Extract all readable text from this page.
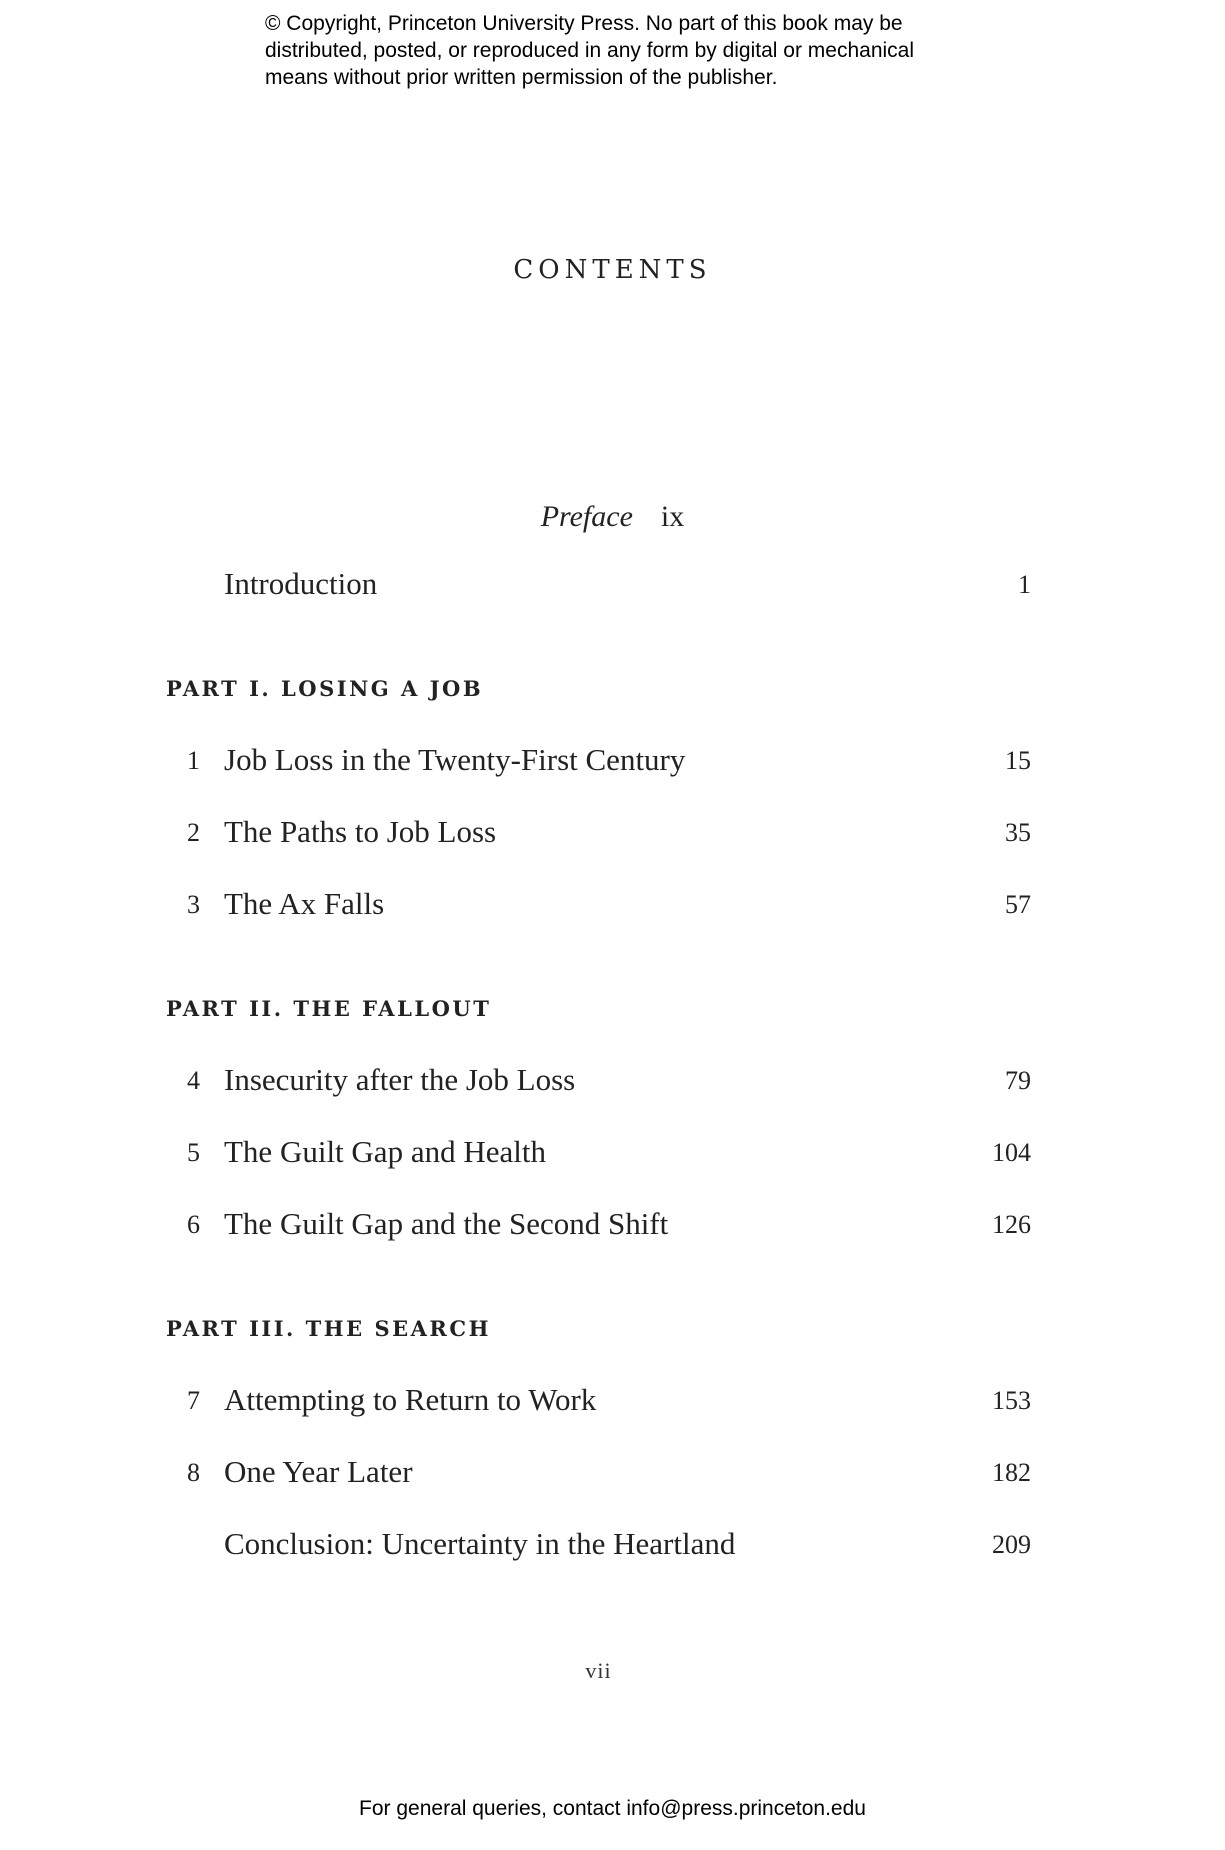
© Copyright, Princeton University Press. No part of this book may be
distributed, posted, or reproduced in any form by digital or mechanical
means without prior written permission of the publisher.
CONTENTS
Preface ix
Introduction	1
PART I. LOSING A JOB
1 Job Loss in the Twenty-First Century	15
2 The Paths to Job Loss	35
3 The Ax Falls	57
PART II. THE FALLOUT
4 Insecurity after the Job Loss	79
5 The Guilt Gap and Health	104
6 The Guilt Gap and the Second Shift	126
PART III. THE SEARCH
7 Attempting to Return to Work	153
8 One Year Later	182
Conclusion: Uncertainty in the Heartland	209
vii
For general queries, contact info@press.princeton.edu
